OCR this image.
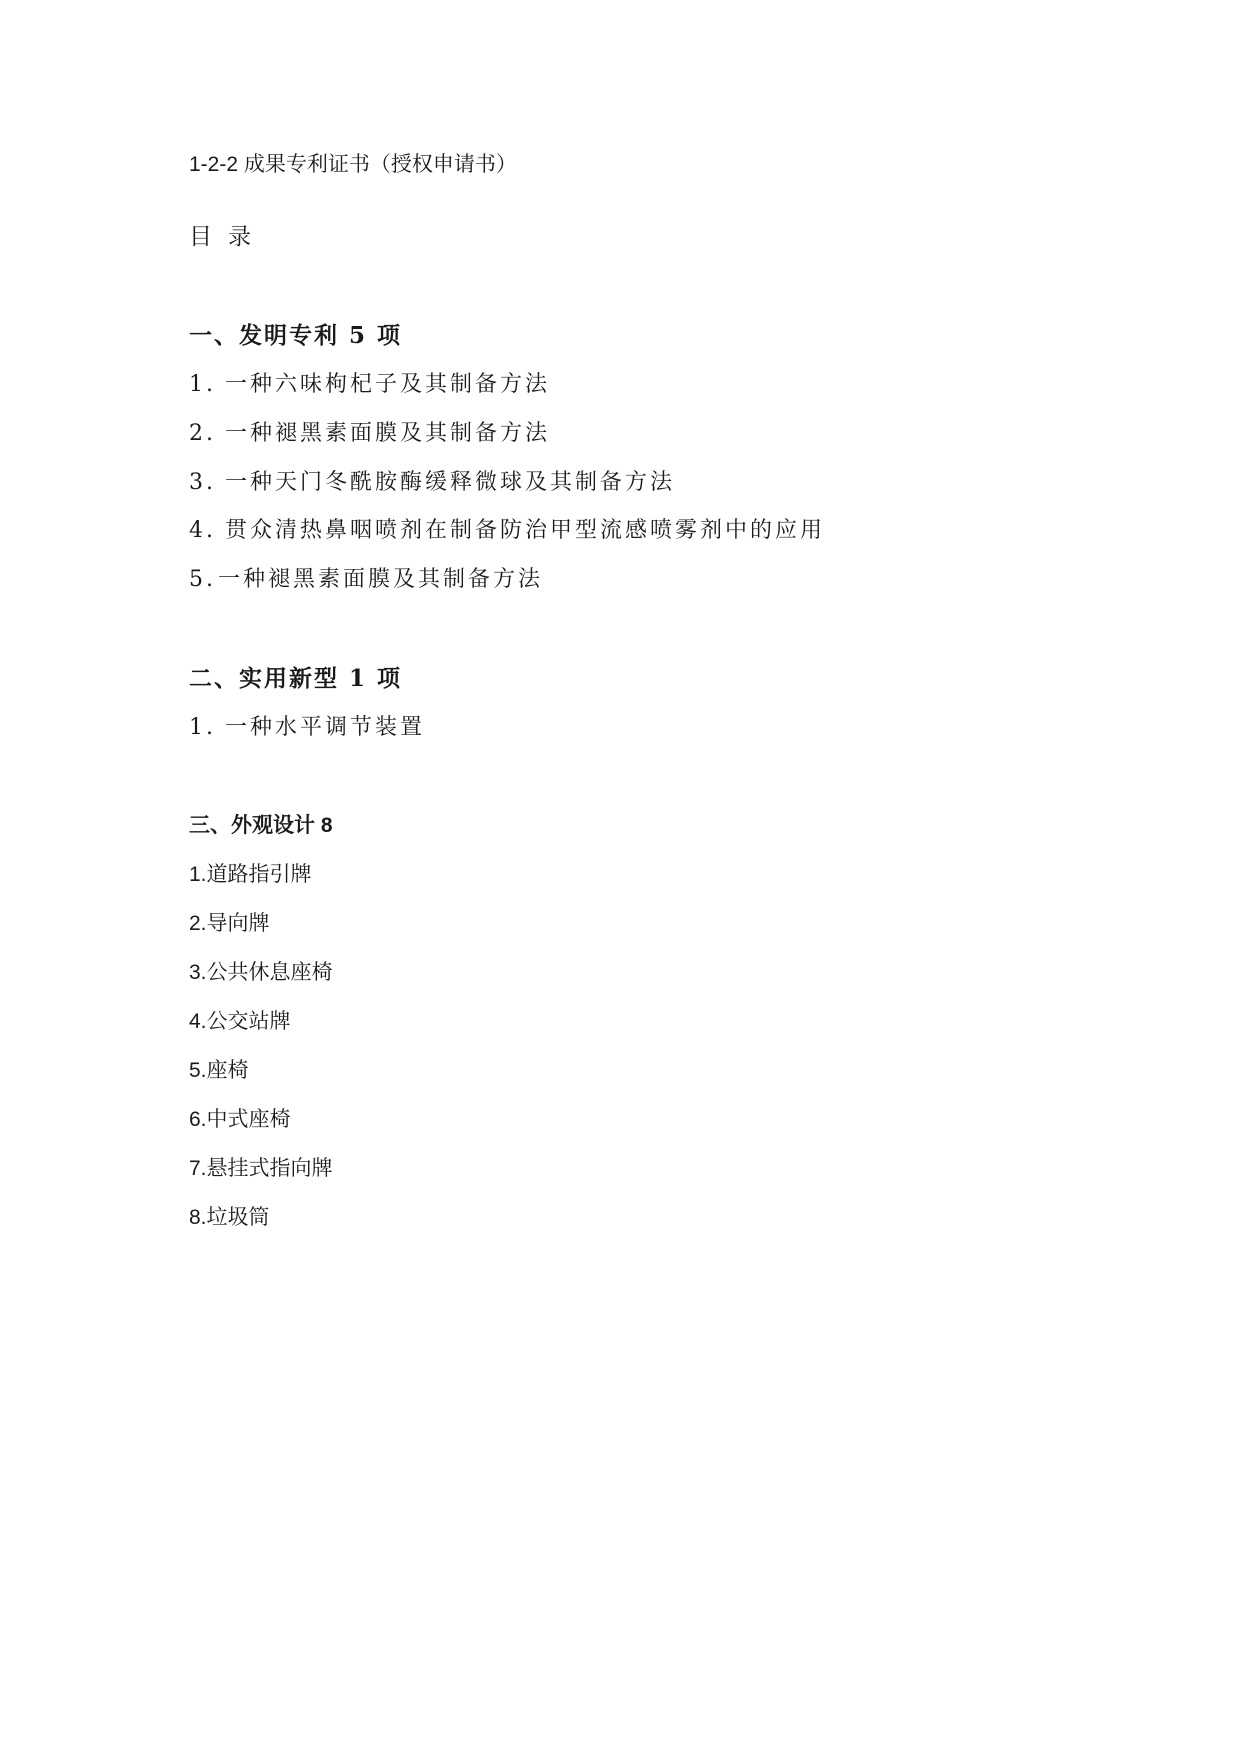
1-2-2 成果专利证书（授权申请书）
目录
一、发明专利 5 项
1. 一种六味枸杞子及其制备方法
2. 一种褪黑素面膜及其制备方法
3. 一种天门冬酰胺酶缓释微球及其制备方法
4. 贯众清热鼻咽喷剂在制备防治甲型流感喷雾剂中的应用
5.一种褪黑素面膜及其制备方法
二、实用新型 1 项
1. 一种水平调节装置
三、外观设计 8
1.道路指引牌
2.导向牌
3.公共休息座椅
4.公交站牌
5.座椅
6.中式座椅
7.悬挂式指向牌
8.垃圾筒
